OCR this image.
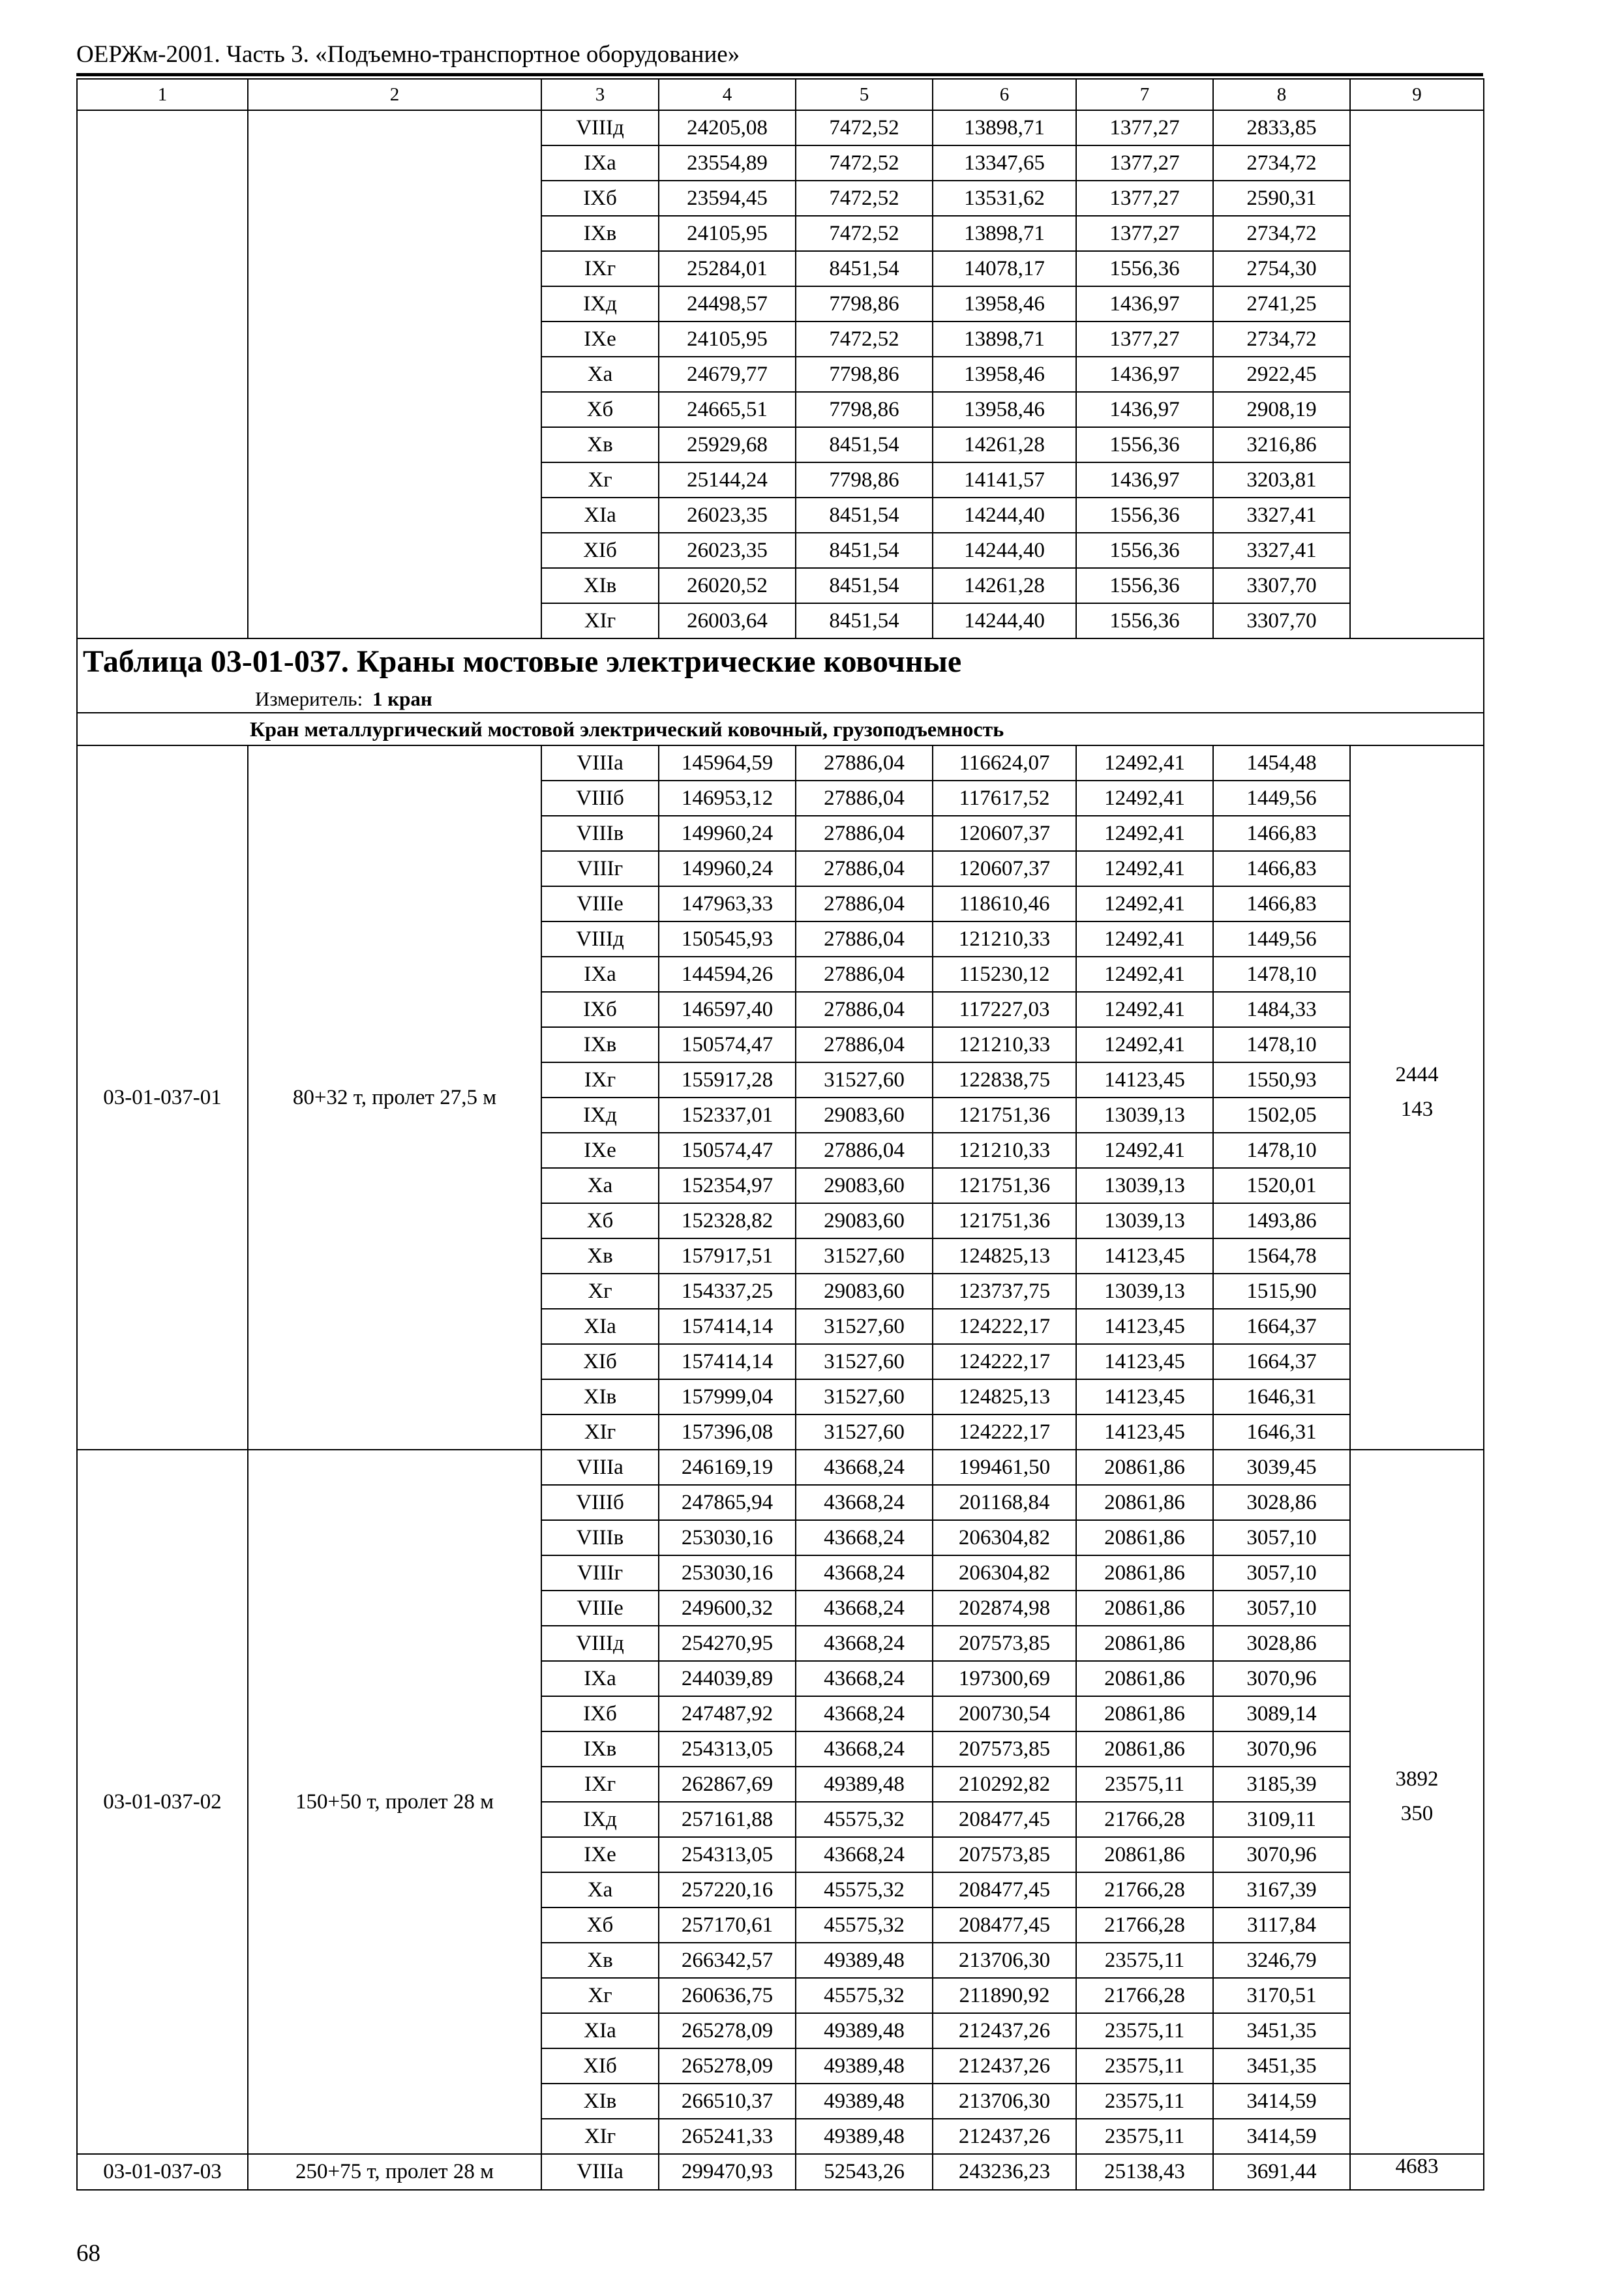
ОЕРЖм-2001. Часть 3. «Подъемно-транспортное оборудование»
1	2	3	4	5	6	7	8	9
		VIIIд	24205,08	7472,52	13898,71	1377,27	2833,85	
		IXа	23554,89	7472,52	13347,65	1377,27	2734,72	
		IXб	23594,45	7472,52	13531,62	1377,27	2590,31	
		IXв	24105,95	7472,52	13898,71	1377,27	2734,72	
		IXг	25284,01	8451,54	14078,17	1556,36	2754,30	
		IXд	24498,57	7798,86	13958,46	1436,97	2741,25	
		IXе	24105,95	7472,52	13898,71	1377,27	2734,72	
		Xа	24679,77	7798,86	13958,46	1436,97	2922,45	
		Xб	24665,51	7798,86	13958,46	1436,97	2908,19	
		Xв	25929,68	8451,54	14261,28	1556,36	3216,86	
		Xг	25144,24	7798,86	14141,57	1436,97	3203,81	
		XIа	26023,35	8451,54	14244,40	1556,36	3327,41	
		XIб	26023,35	8451,54	14244,40	1556,36	3327,41	
		XIв	26020,52	8451,54	14261,28	1556,36	3307,70	
		XIг	26003,64	8451,54	14244,40	1556,36	3307,70	
Таблица 03-01-037. Краны мостовые электрические ковочные								
Измеритель: 1 кран								
Кран металлургический мостовой электрический ковочный, грузоподъемность								
03-01-037-01	80+32 т, пролет 27,5 м	VIIIа	145964,59	27886,04	116624,07	12492,41	1454,48	2444
143

		VIIIб	146953,12	27886,04	117617,52	12492,41	1449,56	
		VIIIв	149960,24	27886,04	120607,37	12492,41	1466,83	
		VIIIг	149960,24	27886,04	120607,37	12492,41	1466,83	
		VIIIе	147963,33	27886,04	118610,46	12492,41	1466,83	
		VIIIд	150545,93	27886,04	121210,33	12492,41	1449,56	
		IXа	144594,26	27886,04	115230,12	12492,41	1478,10	
		IXб	146597,40	27886,04	117227,03	12492,41	1484,33	
		IXв	150574,47	27886,04	121210,33	12492,41	1478,10	
		IXг	155917,28	31527,60	122838,75	14123,45	1550,93	
		IXд	152337,01	29083,60	121751,36	13039,13	1502,05	
		IXе	150574,47	27886,04	121210,33	12492,41	1478,10	
		Xа	152354,97	29083,60	121751,36	13039,13	1520,01	
		Xб	152328,82	29083,60	121751,36	13039,13	1493,86	
		Xв	157917,51	31527,60	124825,13	14123,45	1564,78	
		Xг	154337,25	29083,60	123737,75	13039,13	1515,90	
		XIа	157414,14	31527,60	124222,17	14123,45	1664,37	
		XIб	157414,14	31527,60	124222,17	14123,45	1664,37	
		XIв	157999,04	31527,60	124825,13	14123,45	1646,31	
		XIг	157396,08	31527,60	124222,17	14123,45	1646,31	
03-01-037-02	150+50 т, пролет 28 м	VIIIа	246169,19	43668,24	199461,50	20861,86	3039,45	3892
350

		VIIIб	247865,94	43668,24	201168,84	20861,86	3028,86	
		VIIIв	253030,16	43668,24	206304,82	20861,86	3057,10	
		VIIIг	253030,16	43668,24	206304,82	20861,86	3057,10	
		VIIIе	249600,32	43668,24	202874,98	20861,86	3057,10	
		VIIIд	254270,95	43668,24	207573,85	20861,86	3028,86	
		IXа	244039,89	43668,24	197300,69	20861,86	3070,96	
		IXб	247487,92	43668,24	200730,54	20861,86	3089,14	
		IXв	254313,05	43668,24	207573,85	20861,86	3070,96	
		IXг	262867,69	49389,48	210292,82	23575,11	3185,39	
		IXд	257161,88	45575,32	208477,45	21766,28	3109,11	
		IXе	254313,05	43668,24	207573,85	20861,86	3070,96	
		Xа	257220,16	45575,32	208477,45	21766,28	3167,39	
		Xб	257170,61	45575,32	208477,45	21766,28	3117,84	
		Xв	266342,57	49389,48	213706,30	23575,11	3246,79	
		Xг	260636,75	45575,32	211890,92	21766,28	3170,51	
		XIа	265278,09	49389,48	212437,26	23575,11	3451,35	
		XIб	265278,09	49389,48	212437,26	23575,11	3451,35	
		XIв	266510,37	49389,48	213706,30	23575,11	3414,59	
		XIг	265241,33	49389,48	212437,26	23575,11	3414,59	
03-01-037-03	250+75 т, пролет 28 м	VIIIа	299470,93	52543,26	243236,23	25138,43	3691,44	4683
68
